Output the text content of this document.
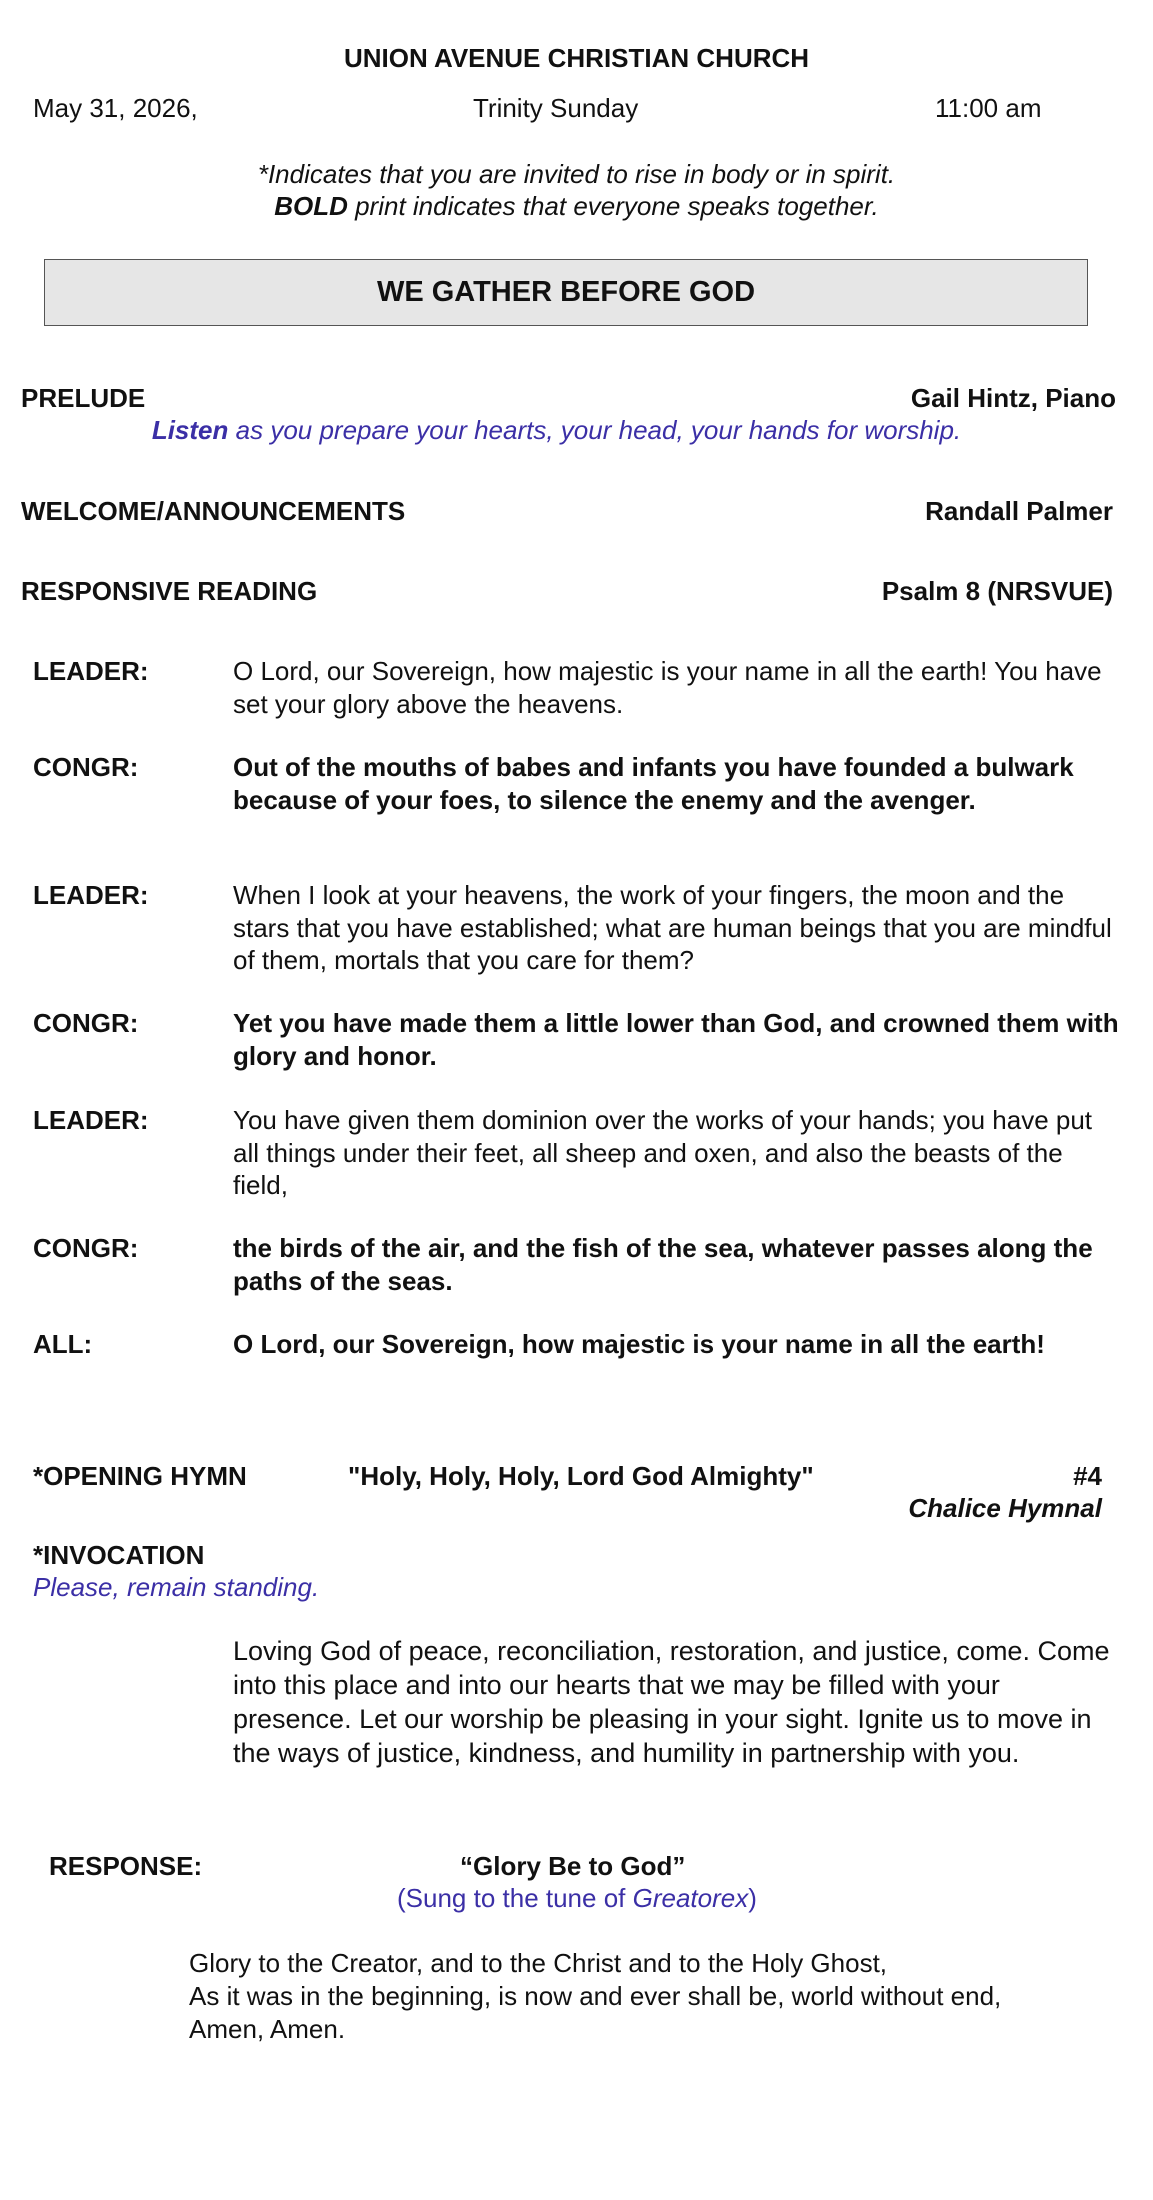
UNION AVENUE CHRISTIAN CHURCH
May 31, 2026,	Trinity Sunday	11:00 am
*Indicates that you are invited to rise in body or in spirit.
BOLD print indicates that everyone speaks together.
WE GATHER BEFORE GOD
PRELUDE	Gail Hintz, Piano
Listen as you prepare your hearts, your head, your hands for worship.
WELCOME/ANNOUNCEMENTS	Randall Palmer
RESPONSIVE READING	Psalm 8 (NRSVUE)
LEADER:	O Lord, our Sovereign, how majestic is your name in all the earth! You have set your glory above the heavens.
CONGR:	Out of the mouths of babes and infants you have founded a bulwark because of your foes, to silence the enemy and the avenger.
LEADER:	When I look at your heavens, the work of your fingers, the moon and the stars that you have established; what are human beings that you are mindful of them, mortals that you care for them?
CONGR:	Yet you have made them a little lower than God, and crowned them with glory and honor.
LEADER:	You have given them dominion over the works of your hands; you have put all things under their feet, all sheep and oxen, and also the beasts of the field,
CONGR:	the birds of the air, and the fish of the sea, whatever passes along the paths of the seas.
ALL:	O Lord, our Sovereign, how majestic is your name in all the earth!
*OPENING HYMN	"Holy, Holy, Holy, Lord God Almighty"	#4
Chalice Hymnal
*INVOCATION
Please, remain standing.
Loving God of peace, reconciliation, restoration, and justice, come. Come into this place and into our hearts that we may be filled with your presence. Let our worship be pleasing in your sight. Ignite us to move in the ways of justice, kindness, and humility in partnership with you.
RESPONSE:	“Glory Be to God”
(Sung to the tune of Greatorex)
Glory to the Creator, and to the Christ and to the Holy Ghost,
As it was in the beginning, is now and ever shall be, world without end,
Amen, Amen.
